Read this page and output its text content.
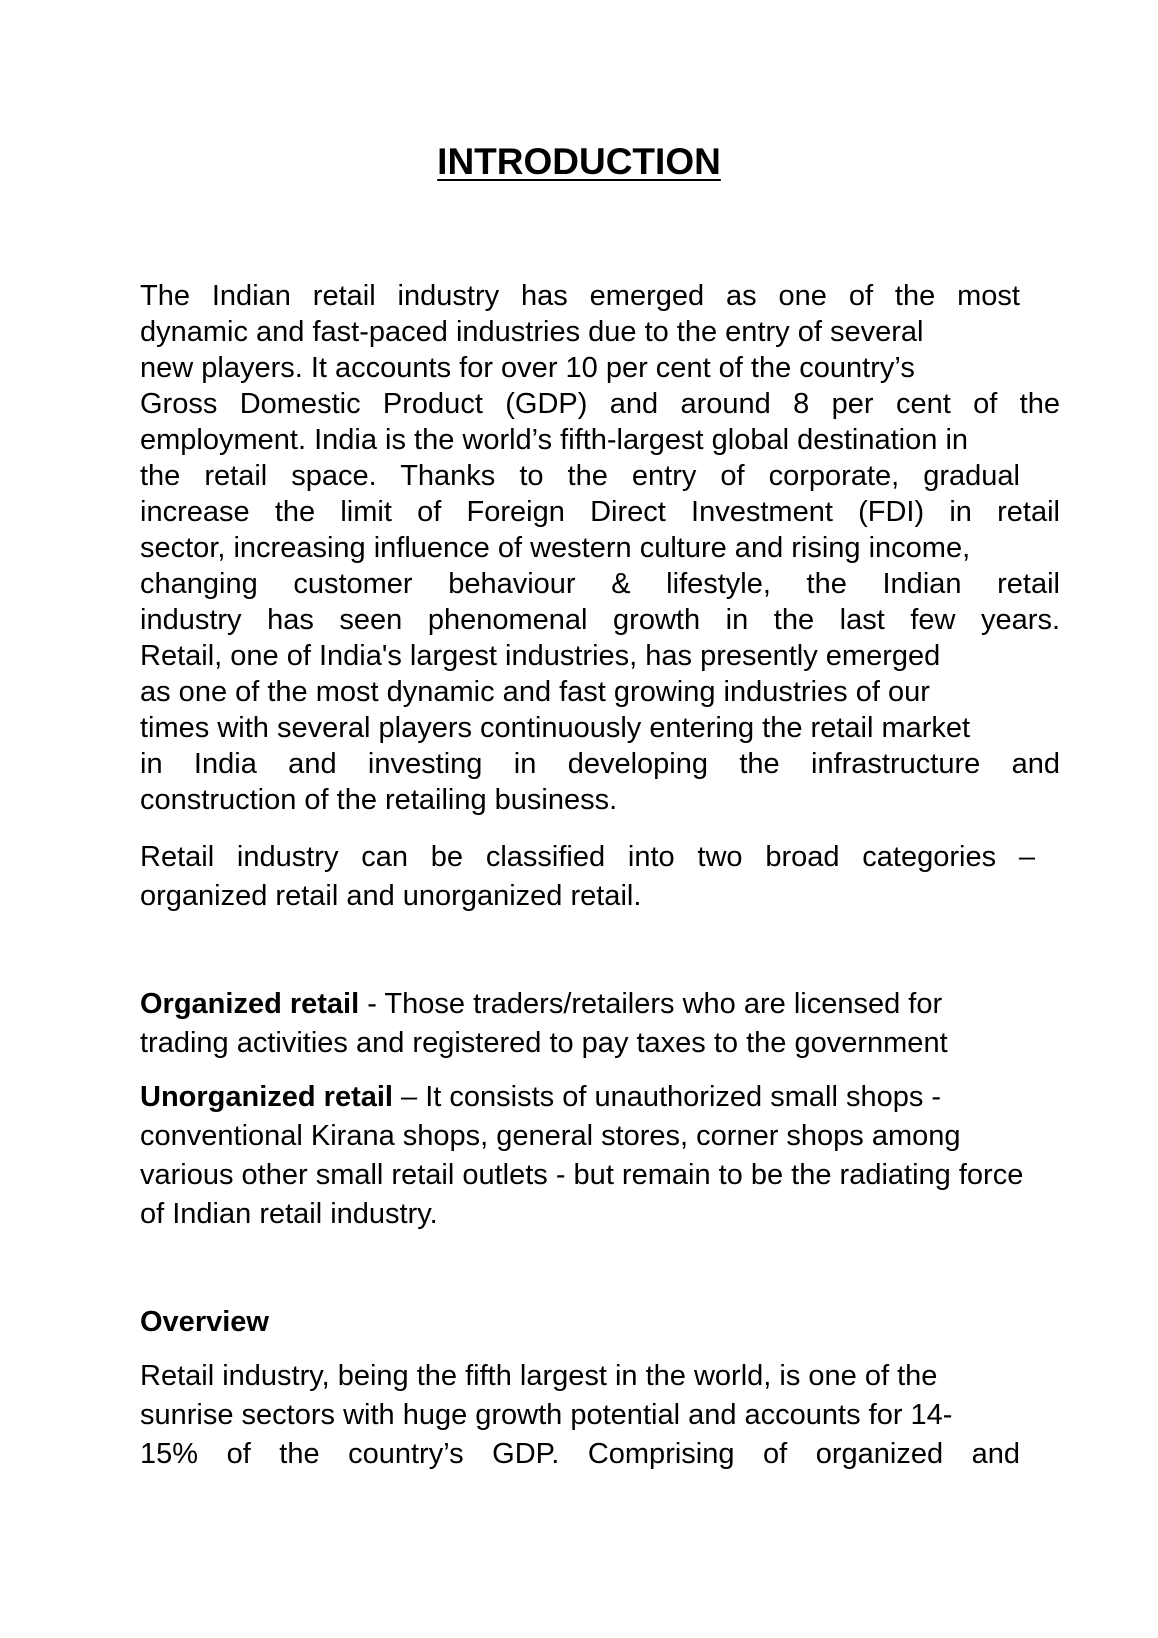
INTRODUCTION
The Indian retail industry has emerged as one of the most
dynamic and fast-paced industries due to the entry of several
new players. It accounts for over 10 per cent of the country’s
Gross Domestic Product (GDP) and around 8 per cent of the
employment. India is the world’s fifth-largest global destination in
the retail space. Thanks to the entry of corporate, gradual
increase the limit of Foreign Direct Investment (FDI) in retail
sector, increasing influence of western culture and rising income,
changing customer behaviour & lifestyle, the Indian retail
industry has seen phenomenal growth in the last few years.
Retail, one of India's largest industries, has presently emerged
as one of the most dynamic and fast growing industries of our
times with several players continuously entering the retail market
in India and investing in developing the infrastructure and
construction of the retailing business.
Retail industry can be classified into two broad categories –
organized retail and unorganized retail.

Organized retail - Those traders/retailers who are licensed for trading activities and registered to pay taxes to the government

Unorganized retail – It consists of unauthorized small shops - conventional Kirana shops, general stores, corner shops among various other small retail outlets - but remain to be the radiating force of Indian retail industry.

Overview
Retail industry, being the fifth largest in the world, is one of the
sunrise sectors with huge growth potential and accounts for 14-
15% of the country’s GDP. Comprising of organized and
